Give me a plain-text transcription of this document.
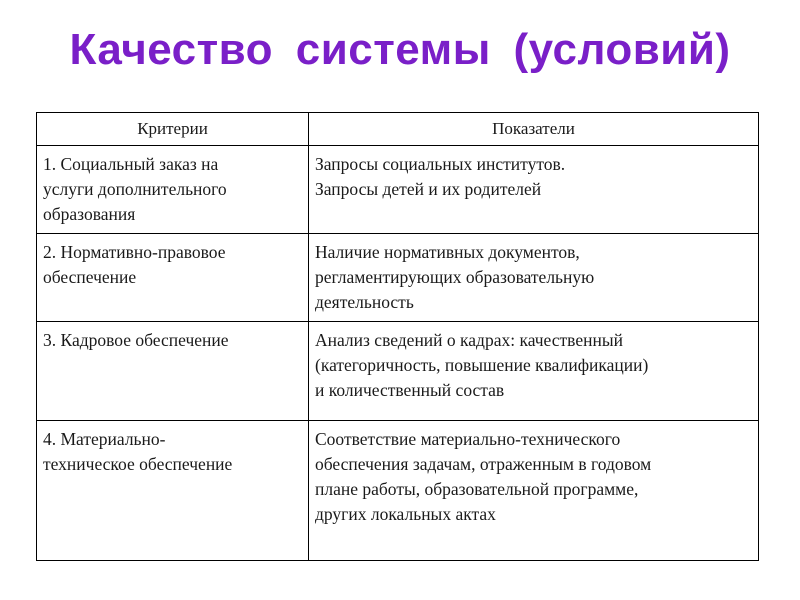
Качество системы (условий)
Критерии	Показатели

1. Социальный заказ на
услуги дополнительного
образования	Запросы социальных институтов.
Запросы детей и их родителей

2. Нормативно-правовое
обеспечение	Наличие нормативных документов,
регламентирующих образовательную
деятельность

3. Кадровое обеспечение	Анализ сведений о кадрах: качественный
(категоричность, повышение квалификации)
и количественный состав

4. Материально-
техническое обеспечение	Соответствие материально-технического
обеспечения задачам, отраженным в годовом
плане работы, образовательной программе,
других локальных актах
